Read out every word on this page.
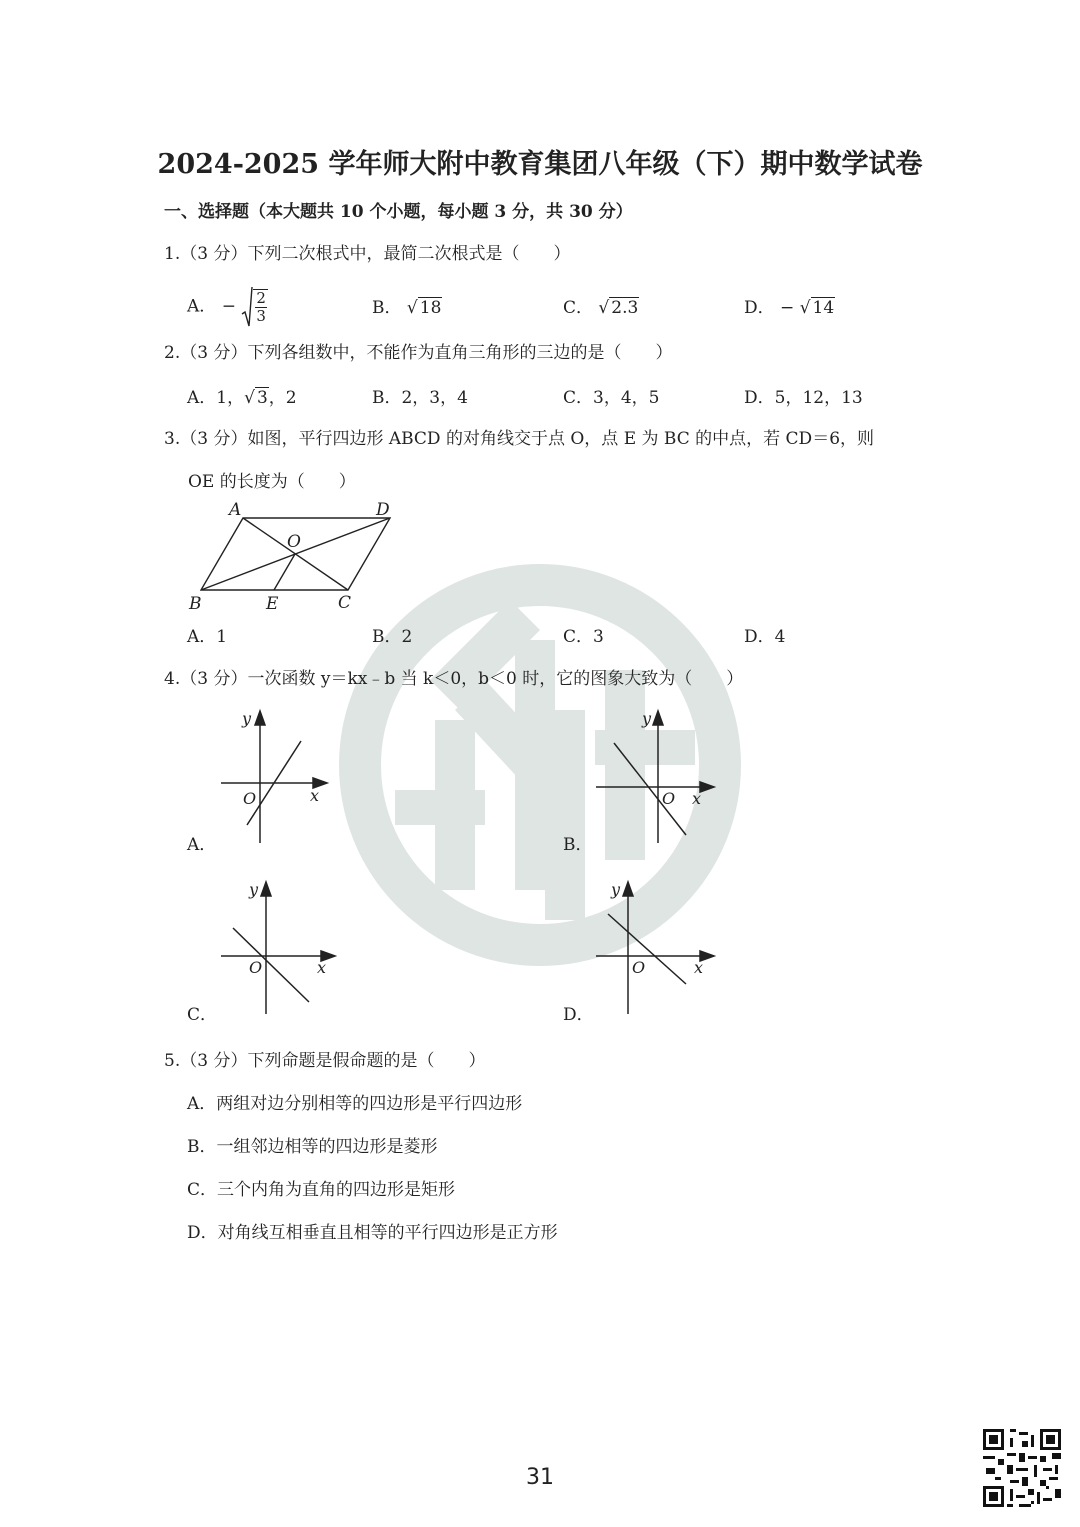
2024-2025 学年师大附中教育集团八年级（下）期中数学试卷
一、选择题（本大题共 10 个小题，每小题 3 分，共 30 分）
1.（3 分）下列二次根式中，最简二次根式是（　　）
A． − $\frac{2}{3}$	B． √ 18	C． √ 2.3	D． − √ 14
2.（3 分）下列各组数中，不能作为直角三角形的三边的是（　　）
A．1，√ 3，2	B．2，3，4	C．3，4，5	D．5，12，13
3.（3 分）如图，平行四边形 ABCD 的对角线交于点 O，点 E 为 BC 的中点，若 CD＝6，则
OE 的长度为（　　）
A	D
O
B	E	C
A．1	B．2	C．3	D．4
4.（3 分）一次函数 y＝kx﹣b 当 k＜0，b＜0 时，它的图象大致为（　　）
y
x
O
A．
y
x
O
B．
y
x
O
C．
y
x
O
D．
5.（3 分）下列命题是假命题的是（　　）
A．两组对边分别相等的四边形是平行四边形
B．一组邻边相等的四边形是菱形
C．三个内角为直角的四边形是矩形
D．对角线互相垂直且相等的平行四边形是正方形
31
